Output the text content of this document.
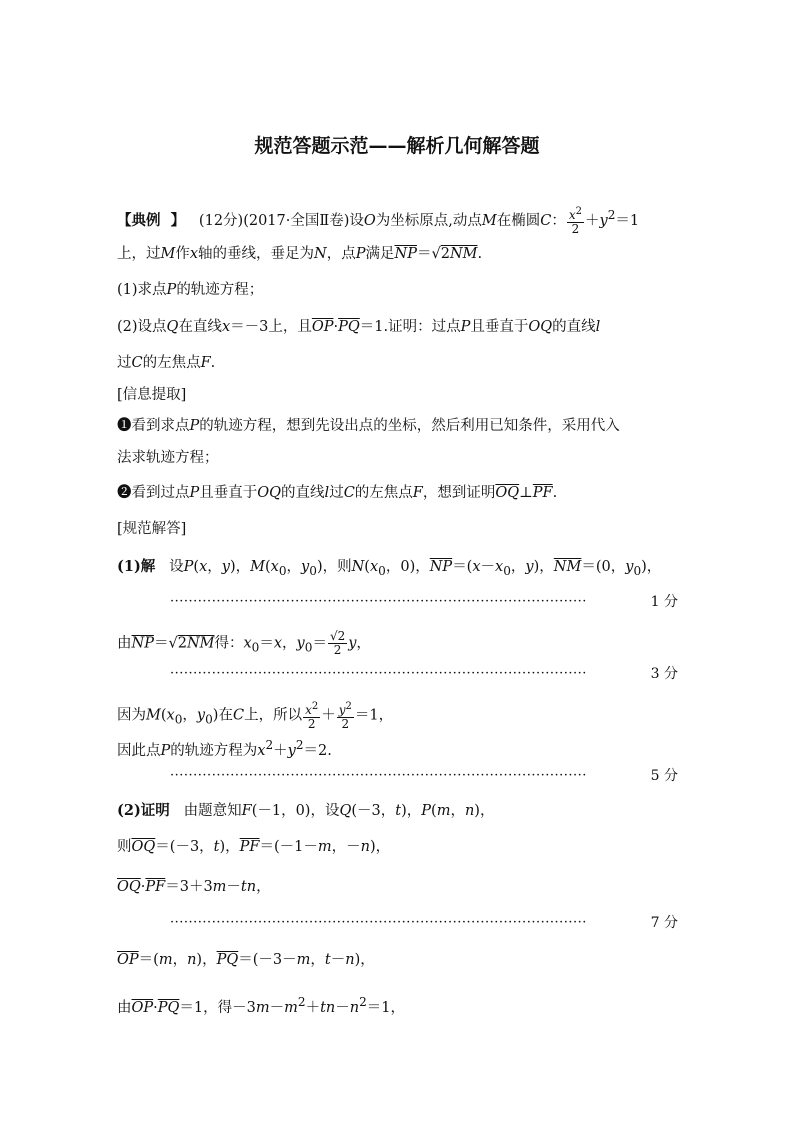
规范答题示范——解析几何解答题
【典例  】   (12分)(2017·全国Ⅱ卷)设O为坐标原点,动点M在椭圆C： $\frac{x^2}{2} +y^2=1$
上，过M作x轴的垂线，垂足为N，点P满足$\overline{NP}=√2\overline{NM}$.
(1)求点P的轨迹方程；
(2)设点Q在直线x＝－3上，且$\overline{OP}\cdot\overline{PQ}=1$.证明：过点P且垂直于OQ的直线l
过C的左焦点F.
[信息提取]
❶看到求点P的轨迹方程，想到先设出点的坐标，然后利用已知条件，采用代入
法求轨迹方程；
❷看到过点P且垂直于OQ的直线l过C的左焦点F，想到证明$\overline{OQ}\perp\overline{PF}$.
[规范解答]
(1)解   设P(x，y)，$M(x_0$，$y_0$)，则$N(x_0$，0)，$\overline{NP}=(x-x_0$，y)，$\overline{NM}=(0$，$y_0$)，
··························································································	1 分
由$\overline{NP}=√2\overline{NM}$得：$x_0=x$，$y_0= \frac{√2}{2}$ y，
··························································································	3 分
因为$M(x_0$，$y_0$)在C上，所以 $\frac{x^2}{2} + \frac{y^2}{2} =1$，
因此点P的轨迹方程为$x^2+y^2=2$.
··························································································	5 分
(2)证明   由题意知F(－1，0)，设Q(－3，t)，P(m，n)，
则$\overline{OQ}=(-3$，t)，$\overline{PF}=(-1-m$，－n)，
$\overline{OQ}\cdot\overline{PF}=3+3m-tn$，
··························································································	7 分
$\overline{OP}=(m$，n)，$\overline{PQ}=(-3-m$，t－n)，
由$\overline{OP}\cdot\overline{PQ}=1$，得$-3m-m^2+tn-n^2=1$，
